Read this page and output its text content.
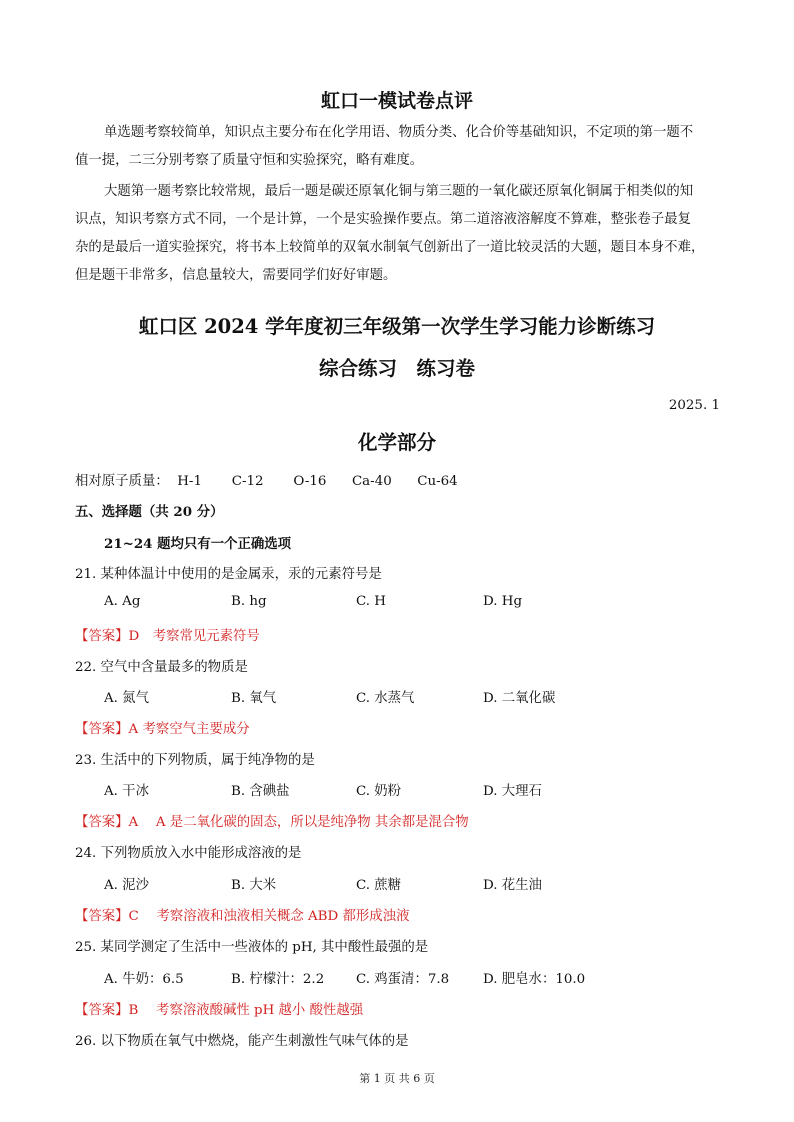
虹口一模试卷点评
单选题考察较简单，知识点主要分布在化学用语、物质分类、化合价等基础知识，不定项的第一题不
值一提，二三分别考察了质量守恒和实验探究，略有难度。
大题第一题考察比较常规，最后一题是碳还原氧化铜与第三题的一氧化碳还原氧化铜属于相类似的知
识点，知识考察方式不同，一个是计算，一个是实验操作要点。第二道溶液溶解度不算难，整张卷子最复
杂的是最后一道实验探究，将书本上较简单的双氧水制氧气创新出了一道比较灵活的大题，题目本身不难，
但是题干非常多，信息量较大，需要同学们好好审题。
虹口区 2024 学年度初三年级第一次学生学习能力诊断练习
综合练习　练习卷
2025. 1
化学部分
相对原子质量：  H-1       C-12       O-16      Ca-40      Cu-64
五、选择题（共 20 分）
21~24 题均只有一个正确选项
21. 某种体温计中使用的是金属汞，汞的元素符号是
A. Ag	B. hg	C. H	D. Hg
【答案】D　考察常见元素符号
22. 空气中含量最多的物质是
A. 氮气	B. 氧气	C. 水蒸气	D. 二氧化碳
【答案】A 考察空气主要成分
23. 生活中的下列物质，属于纯净物的是
A. 干冰	B. 含碘盐	C. 奶粉	D. 大理石
【答案】A　 A 是二氧化碳的固态，所以是纯净物 其余都是混合物
24. 下列物质放入水中能形成溶液的是
A. 泥沙	B. 大米	C. 蔗糖	D. 花生油
【答案】C　 考察溶液和浊液相关概念 ABD 都形成浊液
25. 某同学测定了生活中一些液体的 pH, 其中酸性最强的是
A. 牛奶：6.5	B. 柠檬汁：2.2 C. 鸡蛋清：7.8	D. 肥皂水：10.0
【答案】B　 考察溶液酸碱性 pH 越小 酸性越强
26. 以下物质在氧气中燃烧，能产生刺激性气味气体的是
第 1 页 共 6 页
